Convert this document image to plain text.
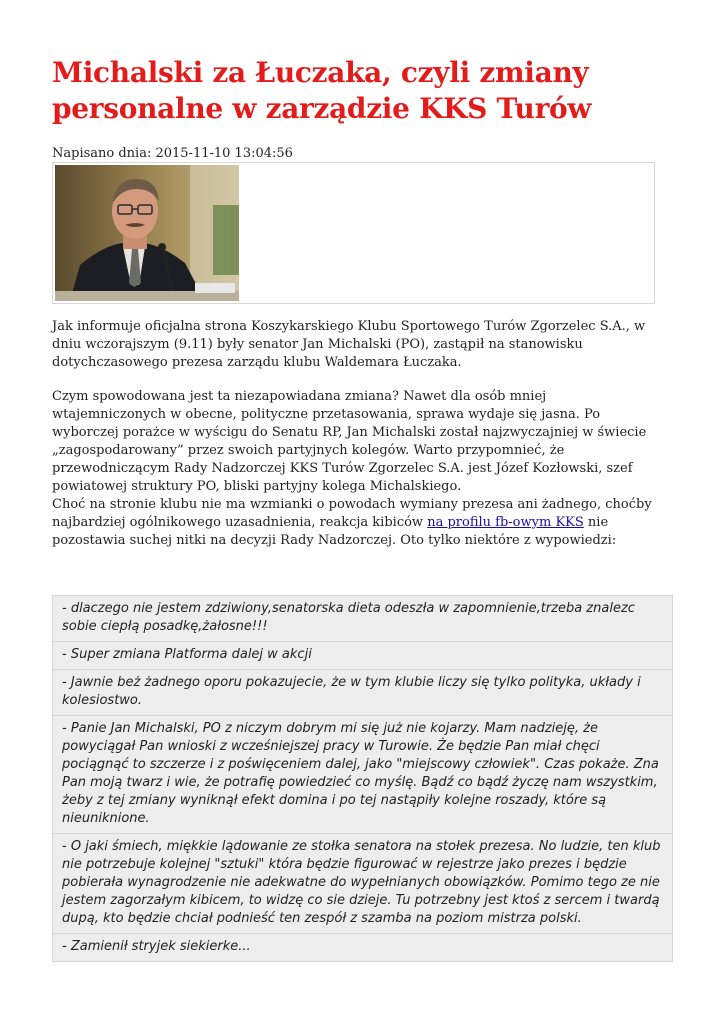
Michalski za Łuczaka, czyli zmiany personalne w zarządzie KKS Turów
Napisano dnia: 2015-11-10 13:04:56

Jak informuje oficjalna strona Koszykarskiego Klubu Sportowego Turów Zgorzelec S.A., w dniu wczorajszym (9.11) były senator Jan Michalski (PO), zastąpił na stanowisku dotychczasowego prezesa zarządu klubu Waldemara Łuczaka.

Czym spowodowana jest ta niezapowiadana zmiana? Nawet dla osób mniej wtajemniczonych w obecne, polityczne przetasowania, sprawa wydaje się jasna. Po wyborczej porażce w wyścigu do Senatu RP, Jan Michalski został najzwyczajniej w świecie „zagospodarowany” przez swoich partyjnych kolegów. Warto przypomnieć, że przewodniczącym Rady Nadzorczej KKS Turów Zgorzelec S.A. jest Józef Kozłowski, szef powiatowej struktury PO, bliski partyjny kolega Michalskiego.

Choć na stronie klubu nie ma wzmianki o powodach wymiany prezesa ani żadnego, choćby najbardziej ogólnikowego uzasadnienia, reakcja kibiców na profilu fb-owym KKS nie pozostawia suchej nitki na decyzji Rady Nadzorczej. Oto tylko niektóre z wypowiedzi:

- dlaczego nie jestem zdziwiony,senatorska dieta odeszła w zapomnienie,trzeba znalezc sobie ciepłą posadkę,żałosne!!!
- Super zmiana Platforma dalej w akcji
- Jawnie beż żadnego oporu pokazujecie, że w tym klubie liczy się tylko polityka, układy i kolesiostwo.
- Panie Jan Michalski, PO z niczym dobrym mi się już nie kojarzy. Mam nadzieję, że powyciągał Pan wnioski z wcześniejszej pracy w Turowie. Że będzie Pan miał chęci pociągnąć to szczerze i z poświęceniem dalej, jako "miejscowy człowiek". Czas pokaże. Zna Pan moją twarz i wie, że potrafię powiedzieć co myślę. Bądź co bądź życzę nam wszystkim, żeby z tej zmiany wyniknął efekt domina i po tej nastąpiły kolejne roszady, które są nieuniknione.
- O jaki śmiech, miękkie lądowanie ze stołka senatora na stołek prezesa. No ludzie, ten klub nie potrzebuje kolejnej "sztuki" która będzie figurować w rejestrze jako prezes i będzie pobierała wynagrodzenie nie adekwatne do wypełnianych obowiązków. Pomimo tego ze nie jestem zagorzałym kibicem, to widzę co sie dzieje. Tu potrzebny jest ktoś z sercem i twardą dupą, kto będzie chciał podnieść ten zespół z szamba na poziom mistrza polski.
- Zamienił stryjek siekierke...
